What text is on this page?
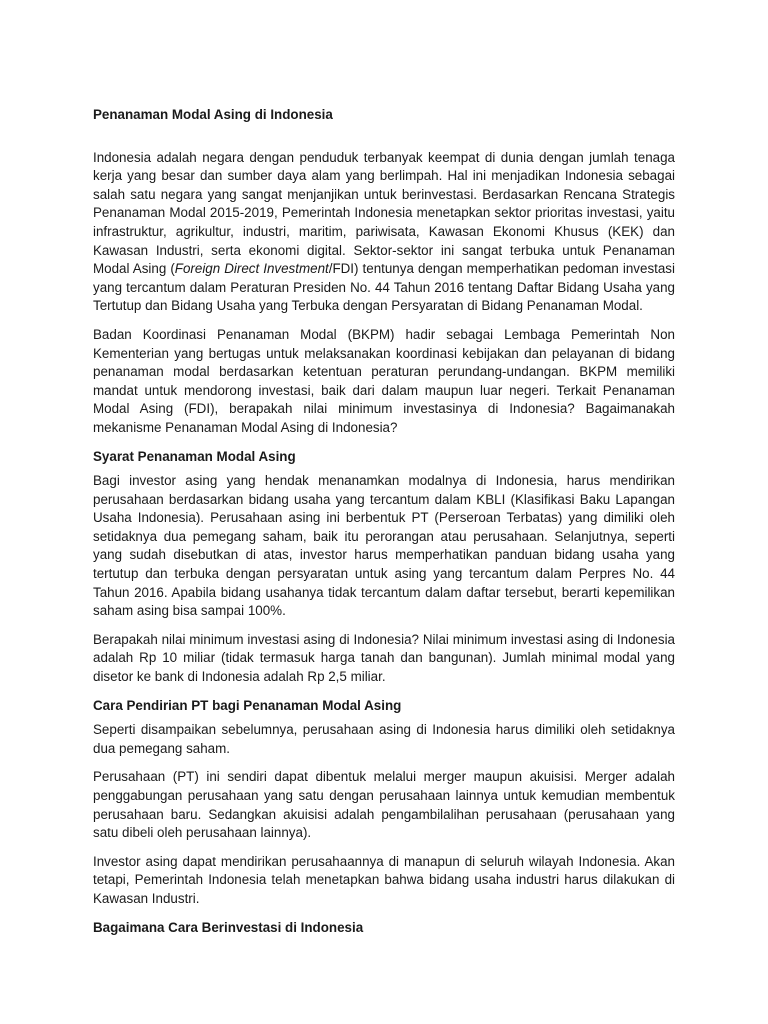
Penanaman Modal Asing di Indonesia

Indonesia adalah negara dengan penduduk terbanyak keempat di dunia dengan jumlah tenaga kerja yang besar dan sumber daya alam yang berlimpah. Hal ini menjadikan Indonesia sebagai salah satu negara yang sangat menjanjikan untuk berinvestasi. Berdasarkan Rencana Strategis Penanaman Modal 2015-2019, Pemerintah Indonesia menetapkan sektor prioritas investasi, yaitu infrastruktur, agrikultur, industri, maritim, pariwisata, Kawasan Ekonomi Khusus (KEK) dan Kawasan Industri, serta ekonomi digital. Sektor-sektor ini sangat terbuka untuk Penanaman Modal Asing (Foreign Direct Investment/FDI) tentunya dengan memperhatikan pedoman investasi yang tercantum dalam Peraturan Presiden No. 44 Tahun 2016 tentang Daftar Bidang Usaha yang Tertutup dan Bidang Usaha yang Terbuka dengan Persyaratan di Bidang Penanaman Modal.

Badan Koordinasi Penanaman Modal (BKPM) hadir sebagai Lembaga Pemerintah Non Kementerian yang bertugas untuk melaksanakan koordinasi kebijakan dan pelayanan di bidang penanaman modal berdasarkan ketentuan peraturan perundang-undangan. BKPM memiliki mandat untuk mendorong investasi, baik dari dalam maupun luar negeri. Terkait Penanaman Modal Asing (FDI), berapakah nilai minimum investasinya di Indonesia? Bagaimanakah mekanisme Penanaman Modal Asing di Indonesia?

Syarat Penanaman Modal Asing

Bagi investor asing yang hendak menanamkan modalnya di Indonesia, harus mendirikan perusahaan berdasarkan bidang usaha yang tercantum dalam KBLI (Klasifikasi Baku Lapangan Usaha Indonesia). Perusahaan asing ini berbentuk PT (Perseroan Terbatas) yang dimiliki oleh setidaknya dua pemegang saham, baik itu perorangan atau perusahaan. Selanjutnya, seperti yang sudah disebutkan di atas, investor harus memperhatikan panduan bidang usaha yang tertutup dan terbuka dengan persyaratan untuk asing yang tercantum dalam Perpres No. 44 Tahun 2016. Apabila bidang usahanya tidak tercantum dalam daftar tersebut, berarti kepemilikan saham asing bisa sampai 100%.

Berapakah nilai minimum investasi asing di Indonesia? Nilai minimum investasi asing di Indonesia adalah Rp 10 miliar (tidak termasuk harga tanah dan bangunan). Jumlah minimal modal yang disetor ke bank di Indonesia adalah Rp 2,5 miliar.

Cara Pendirian PT bagi Penanaman Modal Asing

Seperti disampaikan sebelumnya, perusahaan asing di Indonesia harus dimiliki oleh setidaknya dua pemegang saham.

Perusahaan (PT) ini sendiri dapat dibentuk melalui merger maupun akuisisi. Merger adalah penggabungan perusahaan yang satu dengan perusahaan lainnya untuk kemudian membentuk perusahaan baru. Sedangkan akuisisi adalah pengambilalihan perusahaan (perusahaan yang satu dibeli oleh perusahaan lainnya).

Investor asing dapat mendirikan perusahaannya di manapun di seluruh wilayah Indonesia. Akan tetapi, Pemerintah Indonesia telah menetapkan bahwa bidang usaha industri harus dilakukan di Kawasan Industri.

Bagaimana Cara Berinvestasi di Indonesia
